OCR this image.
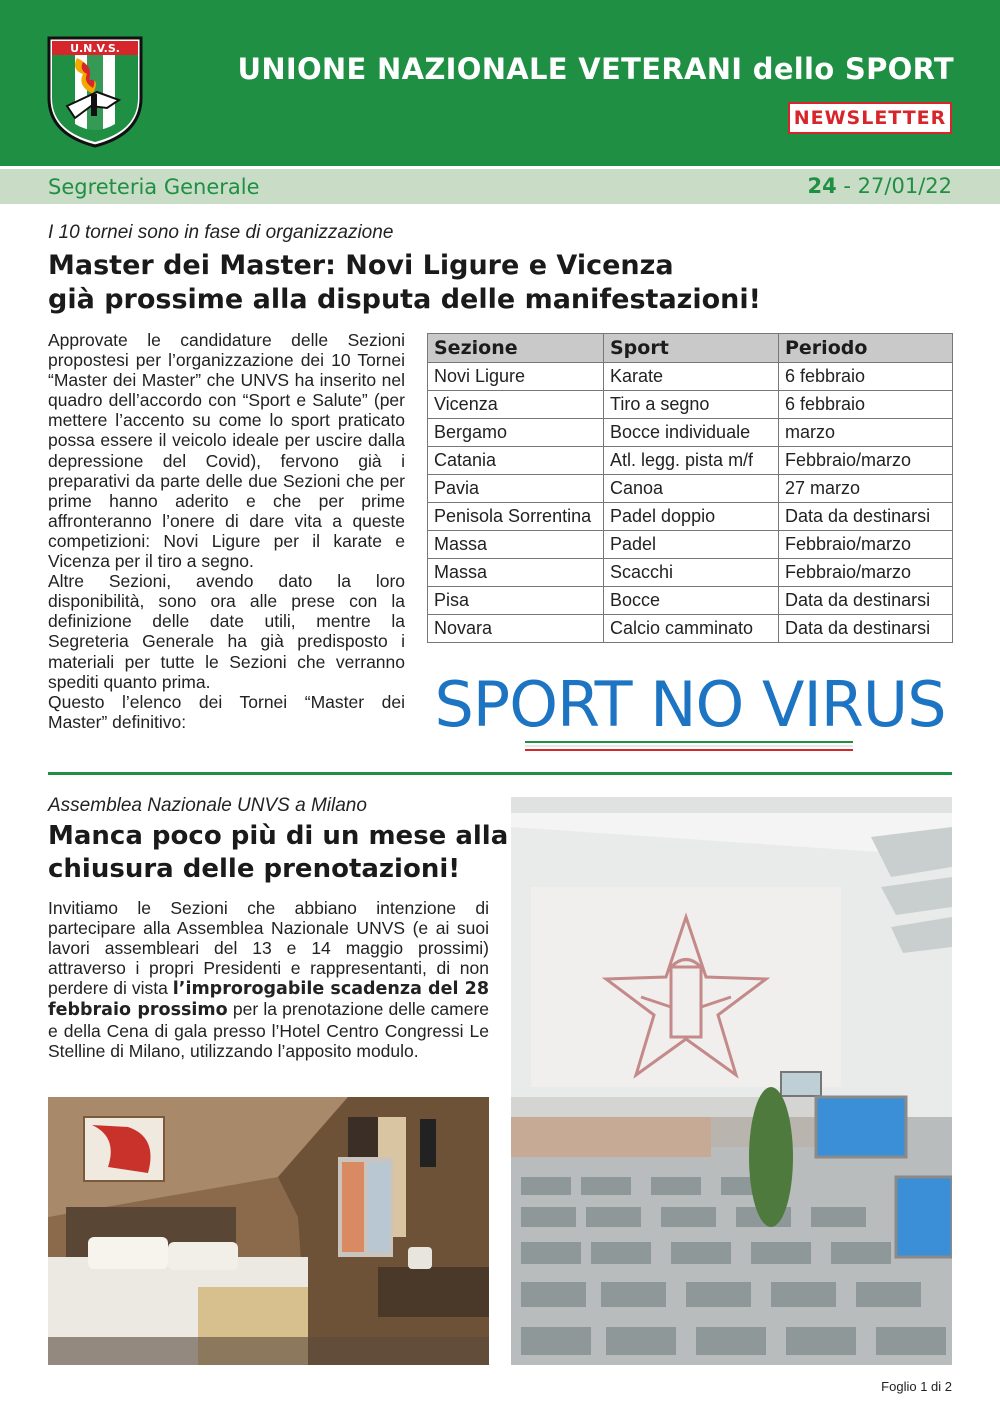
U.N.V.S.
UNIONE NAZIONALE VETERANI dello SPORT
NEWSLETTER
Segreteria Generale	24 - 27/01/22
I 10 tornei sono in fase di organizzazione
Master dei Master: Novi Ligure e Vicenza
già prossime alla disputa delle manifestazioni!

Approvate le candidature delle Sezioni propostesi per l’organizzazione dei 10 Tornei “Master dei Master” che UNVS ha inserito nel quadro dell’accordo con “Sport e Salute” (per mettere l’accento su come lo sport praticato possa essere il veicolo ideale per uscire dalla depressione del Covid), fervono già i preparativi da parte delle due Sezioni che per prime hanno aderito e che per prime affronteranno l’onere di dare vita a queste competizioni: Novi Ligure per il karate e Vicenza per il tiro a segno.

Altre Sezioni, avendo dato la loro disponibilità, sono ora alle prese con la definizione delle date utili, mentre la Segreteria Generale ha già predisposto i materiali per tutte le Sezioni che verranno spediti quanto prima.

Questo l’elenco dei Tornei “Master dei Master” definitivo:

Sezione	Sport	Periodo
Novi Ligure	Karate	6 febbraio
Vicenza	Tiro a segno	6 febbraio
Bergamo	Bocce individuale	marzo
Catania	Atl. legg. pista m/f	Febbraio/marzo
Pavia	Canoa	27 marzo
Penisola Sorrentina	Padel doppio	Data da destinarsi
Massa	Padel	Febbraio/marzo
Massa	Scacchi	Febbraio/marzo
Pisa	Bocce	Data da destinarsi
Novara	Calcio camminato	Data da destinarsi
SPORT NO VIRUS
Assemblea Nazionale UNVS a Milano
Manca poco più di un mese alla
chiusura delle prenotazioni!
Invitiamo le Sezioni che abbiano intenzione di partecipare alla Assemblea Nazionale UNVS (e ai suoi lavori assembleari del 13 e 14 maggio prossimi) attraverso i propri Presidenti e rappresentanti, di non perdere di vista l’improrogabile scadenza del 28 febbraio prossimo per la prenotazione delle camere e della Cena di gala presso l’Hotel Centro Congressi Le Stelline di Milano, utilizzando l’apposito modulo.
Foglio 1 di 2
